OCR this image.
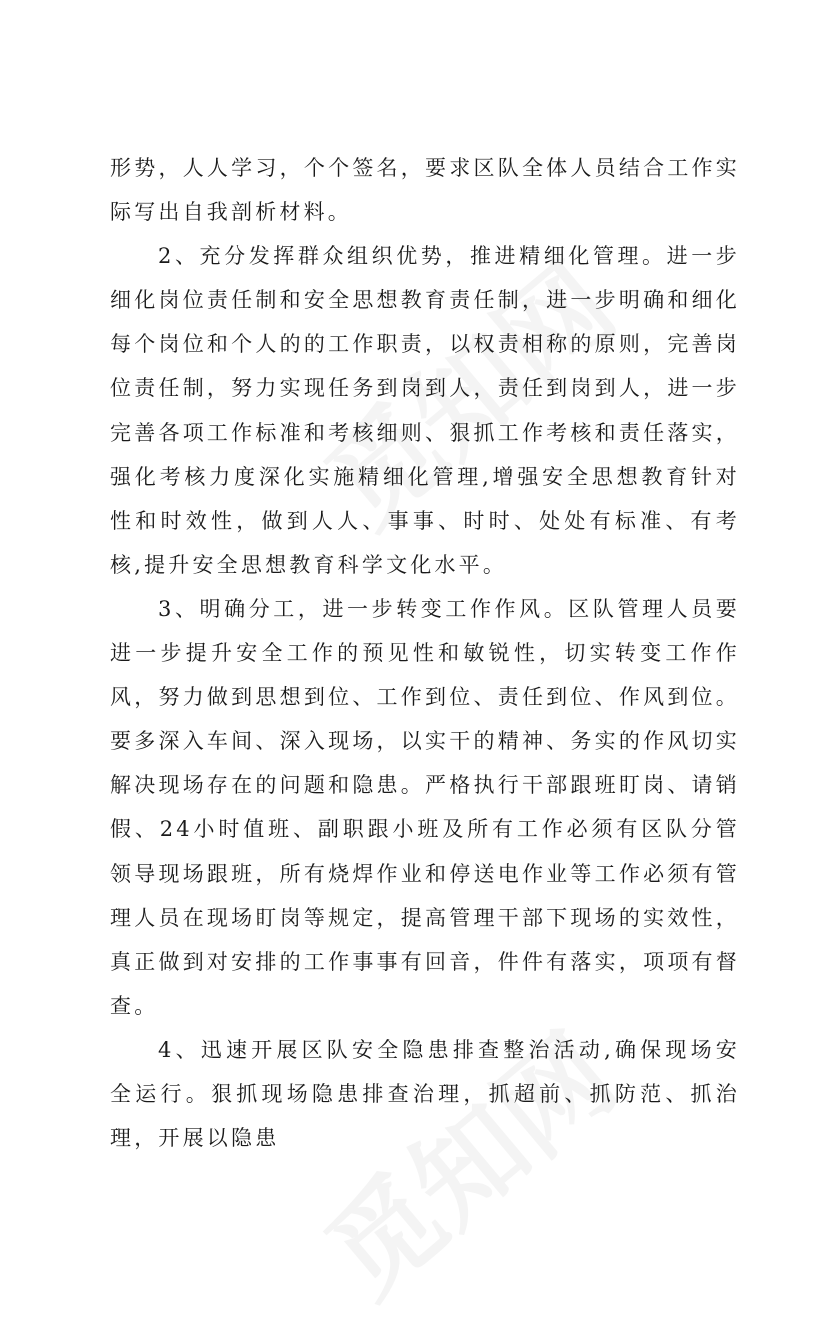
形势，人人学习，个个签名，要求区队全体人员结合工作实际写出自我剖析材料。

2、充分发挥群众组织优势，推进精细化管理。进一步细化岗位责任制和安全思想教育责任制，进一步明确和细化每个岗位和个人的的工作职责，以权责相称的原则，完善岗位责任制，努力实现任务到岗到人，责任到岗到人，进一步完善各项工作标准和考核细则、狠抓工作考核和责任落实，强化考核力度深化实施精细化管理,增强安全思想教育针对性和时效性，做到人人、事事、时时、处处有标准、有考核,提升安全思想教育科学文化水平。

3、明确分工，进一步转变工作作风。区队管理人员要进一步提升安全工作的预见性和敏锐性，切实转变工作作风，努力做到思想到位、工作到位、责任到位、作风到位。要多深入车间、深入现场，以实干的精神、务实的作风切实解决现场存在的问题和隐患。严格执行干部跟班盯岗、请销假、24小时值班、副职跟小班及所有工作必须有区队分管领导现场跟班，所有烧焊作业和停送电作业等工作必须有管理人员在现场盯岗等规定，提高管理干部下现场的实效性，真正做到对安排的工作事事有回音，件件有落实，项项有督查。

4、迅速开展区队安全隐患排查整治活动,确保现场安全运行。狠抓现场隐患排查治理，抓超前、抓防范、抓治理，开展以隐患
